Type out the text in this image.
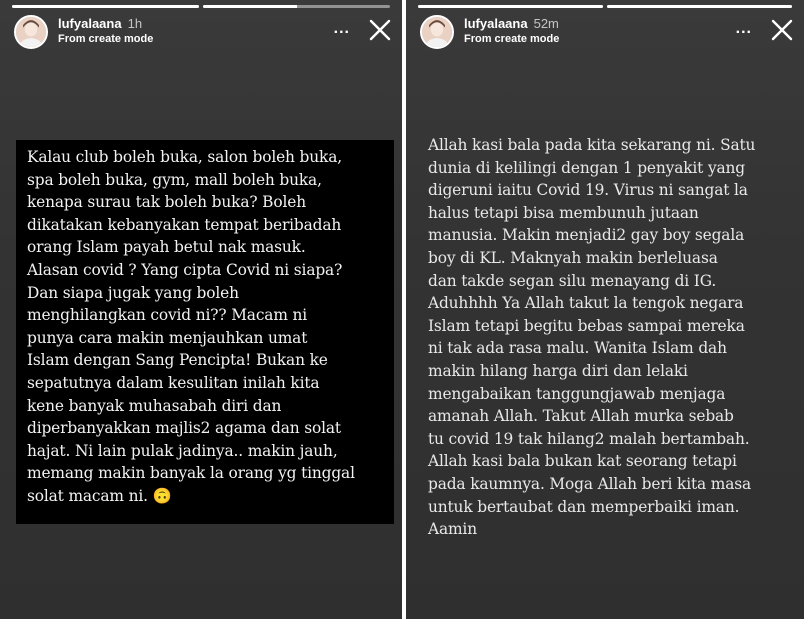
lufyalaana 1h
From create mode
...
Kalau club boleh buka, salon boleh buka,
spa boleh buka, gym, mall boleh buka,
kenapa surau tak boleh buka? Boleh
dikatakan kebanyakan tempat beribadah
orang Islam payah betul nak masuk.
Alasan covid ? Yang cipta Covid ni siapa?
Dan siapa jugak yang boleh
menghilangkan covid ni?? Macam ni
punya cara makin menjauhkan umat
Islam dengan Sang Pencipta! Bukan ke
sepatutnya dalam kesulitan inilah kita
kene banyak muhasabah diri dan
diperbanyakkan majlis2 agama dan solat
hajat. Ni lain pulak jadinya.. makin jauh,
memang makin banyak la orang yg tinggal
solat macam ni. 🙃
lufyalaana 52m
From create mode
...
Allah kasi bala pada kita sekarang ni. Satu
dunia di kelilingi dengan 1 penyakit yang
digeruni iaitu Covid 19. Virus ni sangat la
halus tetapi bisa membunuh jutaan
manusia. Makin menjadi2 gay boy segala
boy di KL. Maknyah makin berleluasa
dan takde segan silu menayang di IG.
Aduhhhh Ya Allah takut la tengok negara
Islam tetapi begitu bebas sampai mereka
ni tak ada rasa malu. Wanita Islam dah
makin hilang harga diri dan lelaki
mengabaikan tanggungjawab menjaga
amanah Allah. Takut Allah murka sebab
tu covid 19 tak hilang2 malah bertambah.
Allah kasi bala bukan kat seorang tetapi
pada kaumnya. Moga Allah beri kita masa
untuk bertaubat dan memperbaiki iman.
Aamin
